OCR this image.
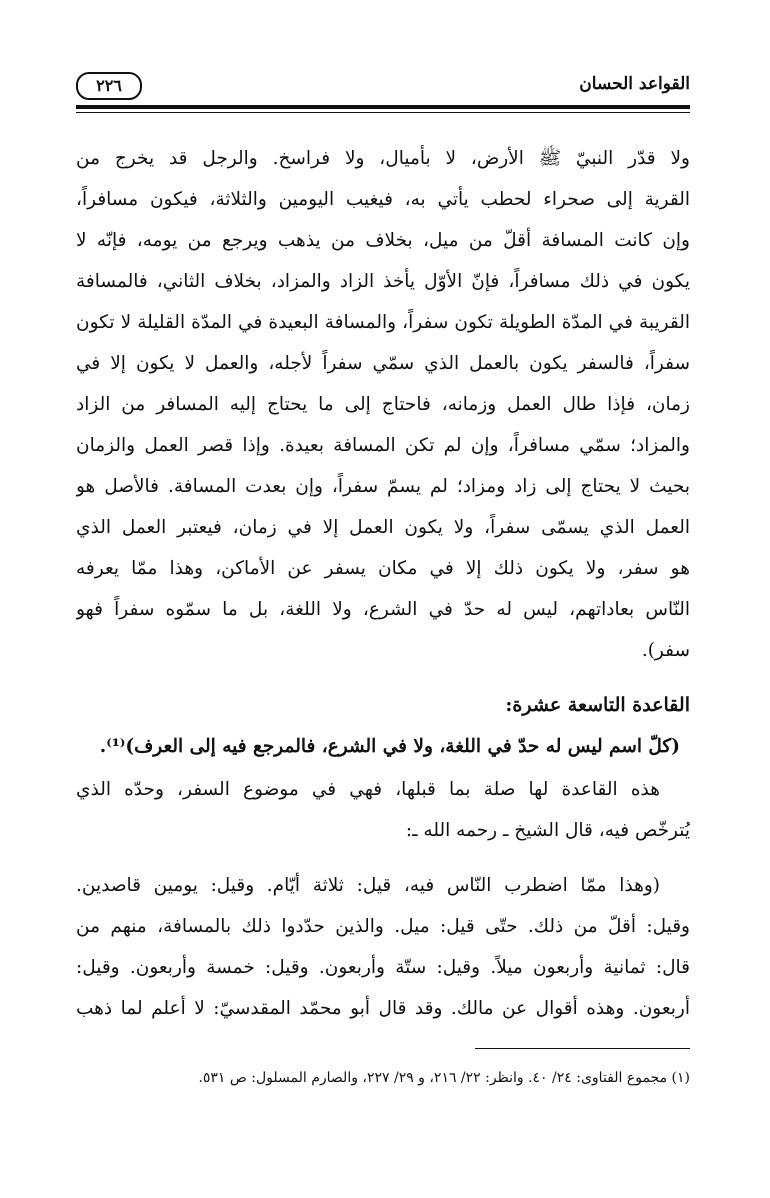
القواعد الحسان
٢٢٦
ولا قدّر النبيّ ﷺ الأرض، لا بأميال، ولا فراسخ. والرجل قد يخرج من
القرية إلى صحراء لحطب يأتي به، فيغيب اليومين والثلاثة، فيكون مسافراً،
وإن كانت المسافة أقلّ من ميل، بخلاف من يذهب ويرجع من يومه، فإنّه لا
يكون في ذلك مسافراً، فإنّ الأوّل يأخذ الزاد والمزاد، بخلاف الثاني، فالمسافة
القريبة في المدّة الطويلة تكون سفراً، والمسافة البعيدة في المدّة القليلة لا تكون
سفراً، فالسفر يكون بالعمل الذي سمّي سفراً لأجله، والعمل لا يكون إلا في
زمان، فإذا طال العمل وزمانه، فاحتاج إلى ما يحتاج إليه المسافر من الزاد
والمزاد؛ سمّي مسافراً، وإن لم تكن المسافة بعيدة. وإذا قصر العمل والزمان
بحيث لا يحتاج إلى زاد ومزاد؛ لم يسمّ سفراً، وإن بعدت المسافة. فالأصل هو
العمل الذي يسمّى سفراً، ولا يكون العمل إلا في زمان، فيعتبر العمل الذي
هو سفر، ولا يكون ذلك إلا في مكان يسفر عن الأماكن، وهذا ممّا يعرفه
النّاس بعاداتهم، ليس له حدّ في الشرع، ولا اللغة، بل ما سمّوه سفراً فهو
سفر).
القاعدة التاسعة عشرة:
(كلّ اسم ليس له حدّ في اللغة، ولا في الشرع، فالمرجع فيه إلى العرف)⁽¹⁾.
هذه القاعدة لها صلة بما قبلها، فهي في موضوع السفر، وحدّه الذي
يُترخّص فيه، قال الشيخ ـ رحمه الله ـ:
(وهذا ممّا اضطرب النّاس فيه، قيل: ثلاثة أيّام. وقيل: يومين قاصدين.
وقيل: أقلّ من ذلك. حتّى قيل: ميل. والذين حدّدوا ذلك بالمسافة، منهم من
قال: ثمانية وأربعون ميلاً. وقيل: ستّة وأربعون. وقيل: خمسة وأربعون. وقيل:
أربعون. وهذه أقوال عن مالك. وقد قال أبو محمّد المقدسيّ: لا أعلم لما ذهب
(١) مجموع الفتاوى: ٢٤/ ٤٠. وانظر: ٢٢/ ٢١٦، و ٢٩/ ٢٢٧، والصارم المسلول: ص ٥٣١.
